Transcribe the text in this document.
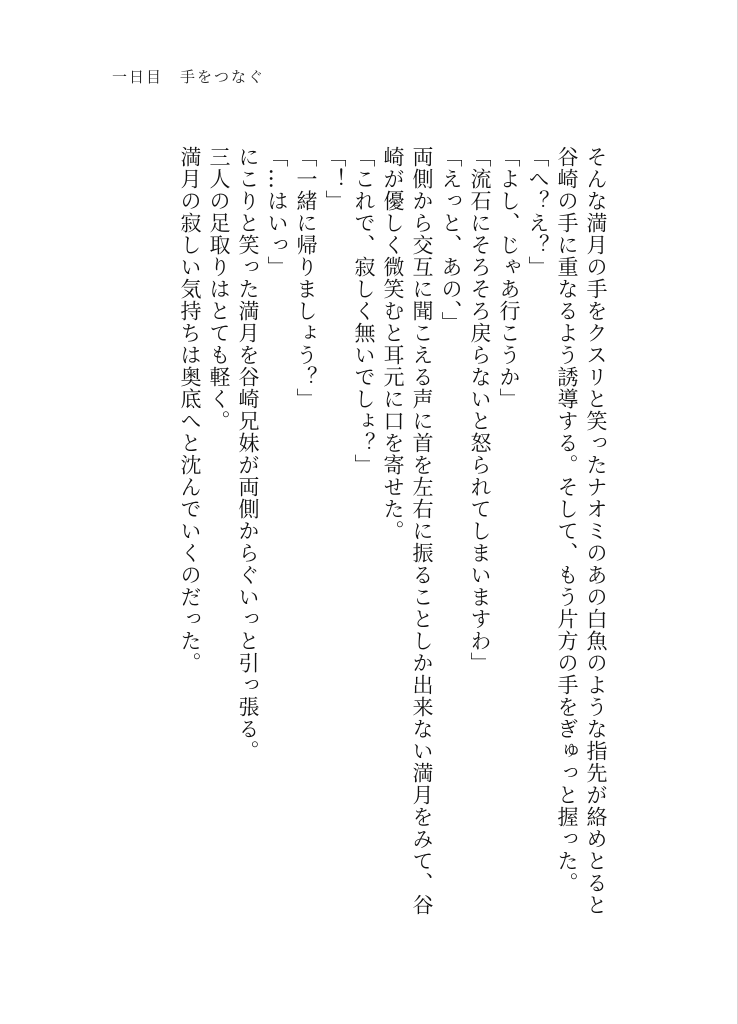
一日目　手をつなぐ
そんな満月の手をクスリと笑ったナオミのあの白魚のような指先が絡めとると
谷崎の手に重なるよう誘導する。そして、もう片方の手をぎゅっと握った。
「へ？え？」
「よし、じゃあ行こうか」
「流石にそろそろ戻らないと怒られてしまいますわ」
「えっと、あの、」
両側から交互に聞こえる声に首を左右に振ることしか出来ない満月をみて、谷
崎が優しく微笑むと耳元に口を寄せた。
「これで、寂しく無いでしょ？」
「！」
「一緒に帰りましょう？」
「…はいっ」
にこりと笑った満月を谷崎兄妹が両側からぐいっと引っ張る。
三人の足取りはとても軽く。
満月の寂しい気持ちは奥底へと沈んでいくのだった。
